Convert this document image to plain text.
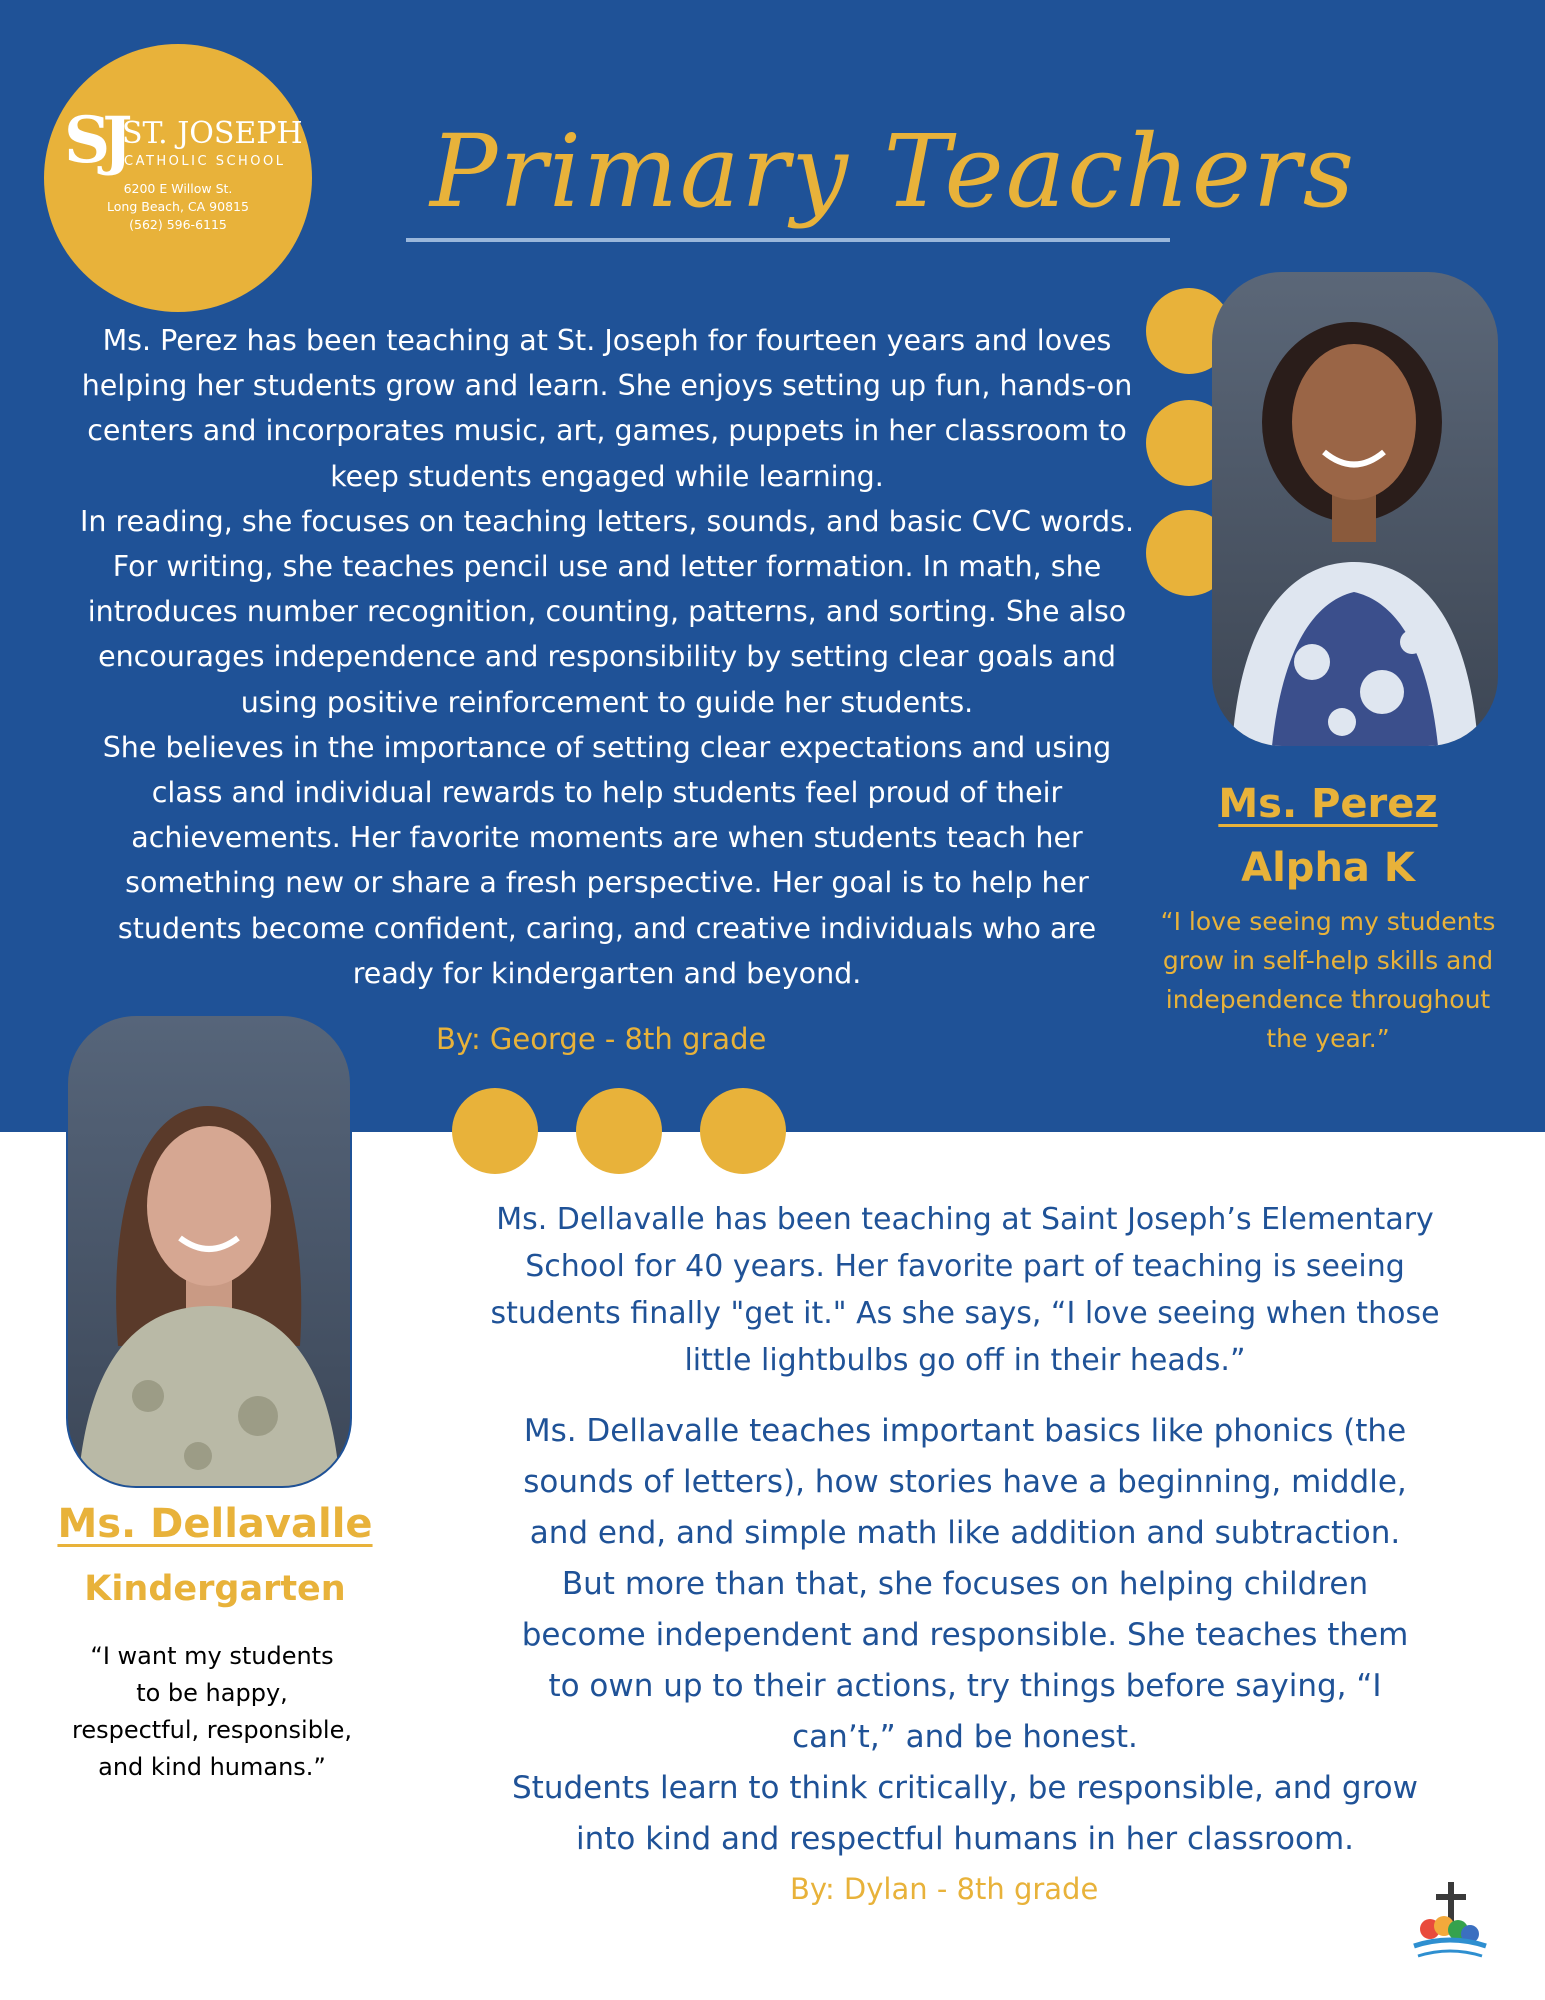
SJ
ST. JOSEPH
CATHOLIC SCHOOL
6200 E Willow St.
Long Beach, CA 90815
(562) 596-6115	Primary Teachers
Ms. Perez has been teaching at St. Joseph for fourteen years and loves
helping her students grow and learn. She enjoys setting up fun, hands-on
centers and incorporates music, art, games, puppets in her classroom to
keep students engaged while learning.
In reading, she focuses on teaching letters, sounds, and basic CVC words.
For writing, she teaches pencil use and letter formation. In math, she
introduces number recognition, counting, patterns, and sorting. She also
encourages independence and responsibility by setting clear goals and
using positive reinforcement to guide her students.
She believes in the importance of setting clear expectations and using
class and individual rewards to help students feel proud of their
achievements. Her favorite moments are when students teach her
something new or share a fresh perspective. Her goal is to help her
students become confident, caring, and creative individuals who are
ready for kindergarten and beyond.
By: George - 8th grade
Ms. Perez
Alpha K
“I love seeing my students
grow in self-help skills and
independence throughout
the year.”
Ms. Dellavalle
Kindergarten
“I want my students
to be happy,
respectful, responsible,
and kind humans.”
Ms. Dellavalle has been teaching at Saint Joseph’s Elementary
School for 40 years. Her favorite part of teaching is seeing
students finally "get it." As she says, “I love seeing when those
little lightbulbs go off in their heads.”
Ms. Dellavalle teaches important basics like phonics (the
sounds of letters), how stories have a beginning, middle,
and end, and simple math like addition and subtraction.
But more than that, she focuses on helping children
become independent and responsible. She teaches them
to own up to their actions, try things before saying, “I
can’t,” and be honest.
Students learn to think critically, be responsible, and grow
into kind and respectful humans in her classroom.
By: Dylan - 8th grade
